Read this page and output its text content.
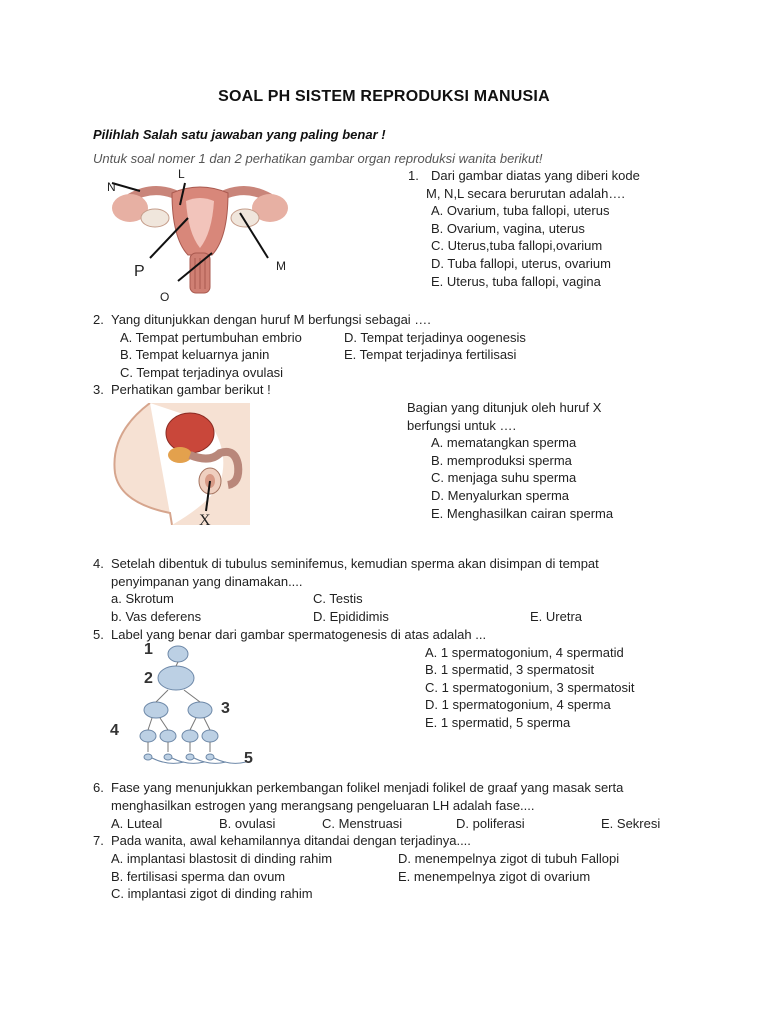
SOAL PH SISTEM REPRODUKSI MANUSIA
Pilihlah Salah satu jawaban yang paling benar !
Untuk soal nomer 1 dan 2 perhatikan gambar organ reproduksi wanita berikut!
N
L
M
P
O
1. Dari gambar diatas yang diberi kode
M, N,L secara berurutan adalah….
A. Ovarium, tuba fallopi, uterus
B. Ovarium, vagina, uterus
C. Uterus,tuba fallopi,ovarium
D. Tuba fallopi, uterus, ovarium
E. Uterus, tuba fallopi, vagina
2. Yang ditunjukkan dengan huruf M berfungsi sebagai ….
A. Tempat pertumbuhan embrio
B. Tempat keluarnya janin
C. Tempat terjadinya ovulasi
D. Tempat terjadinya oogenesis
E. Tempat terjadinya fertilisasi
3. Perhatikan gambar berikut !
X
Bagian yang ditunjuk oleh huruf X
berfungsi untuk ….
A. mematangkan sperma
B. memproduksi sperma
C. menjaga suhu sperma
D. Menyalurkan sperma
E. Menghasilkan cairan sperma
4. Setelah dibentuk di tubulus seminifemus, kemudian sperma akan disimpan di tempat
penyimpanan yang dinamakan....
a. Skrotum
b. Vas deferens
C. Testis
D. Epididimis	E. Uretra
5. Label yang benar dari gambar spermatogenesis di atas adalah ...
1
2
3
4
5
A. 1 spermatogonium, 4 spermatid
B. 1 spermatid, 3 spermatosit
C. 1 spermatogonium, 3 spermatosit
D. 1 spermatogonium, 4 sperma
E. 1 spermatid, 5 sperma
6. Fase yang menunjukkan perkembangan folikel menjadi folikel de graaf yang masak serta
menghasilkan estrogen yang merangsang pengeluaran LH adalah fase....
A. Luteal	B. ovulasi	C. Menstruasi	D. poliferasi	E. Sekresi
7. Pada wanita, awal kehamilannya ditandai dengan terjadinya....
A. implantasi blastosit di dinding rahim
B. fertilisasi sperma dan ovum
C. implantasi zigot di dinding rahim
D. menempelnya zigot di tubuh Fallopi
E. menempelnya zigot di ovarium
